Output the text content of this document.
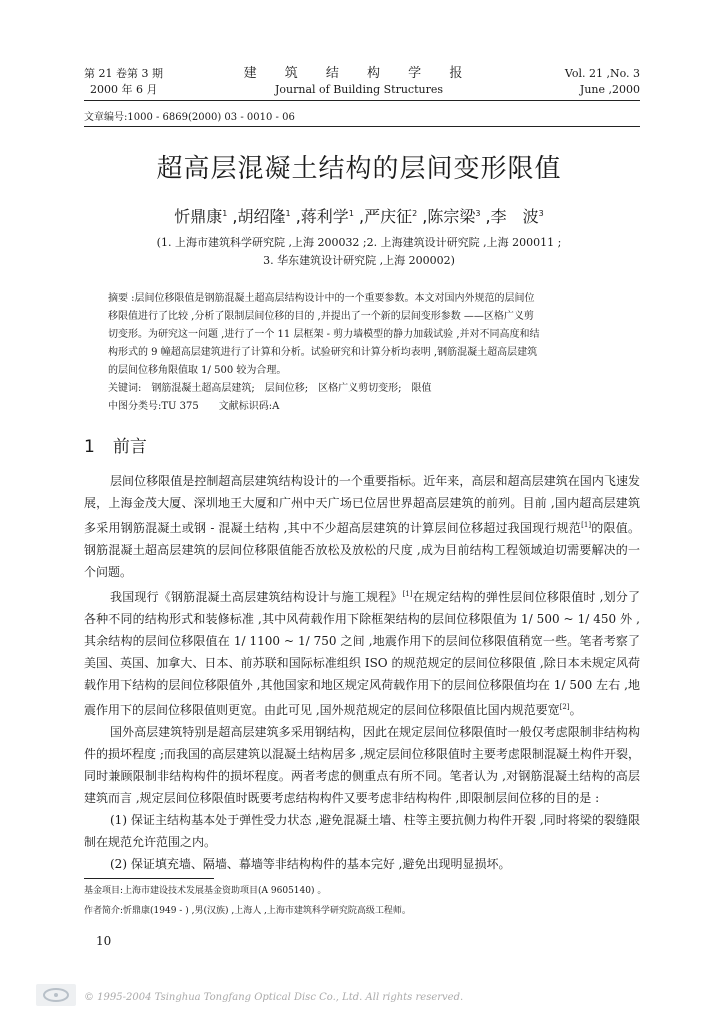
第 21 卷第 3 期
2000 年 6 月
建 筑 结 构 学 报
Journal of Building Structures
Vol. 21 ,No. 3
June ,2000
文章编号:1000 - 6869(2000) 03 - 0010 - 06
超高层混凝土结构的层间变形限值
忻鼎康$^1$ ,胡绍隆$^1$ ,蒋利学$^1$ ,严庆征$^2$ ,陈宗梁$^3$ ,李　波$^3$
(1. 上海市建筑科学研究院 ,上海 200032 ;2. 上海建筑设计研究院 ,上海 200011 ;
3. 华东建筑设计研究院 ,上海 200002)
摘要 :层间位移限值是钢筋混凝土超高层结构设计中的一个重要参数。本文对国内外规范的层间位
移限值进行了比较 ,分析了限制层间位移的目的 ,并提出了一个新的层间变形参数 ——区格广义剪
切变形。为研究这一问题 ,进行了一个 11 层框架 - 剪力墙模型的静力加载试验 ,并对不同高度和结
构形式的 9 幢超高层建筑进行了计算和分析。试验研究和计算分析均表明 ,钢筋混凝土超高层建筑
的层间位移角限值取 1/ 500 较为合理。
关键词:　钢筋混凝土超高层建筑;　层间位移;　区格广义剪切变形;　限值
中图分类号:TU 375　　文献标识码:A
1 前言

层间位移限值是控制超高层建筑结构设计的一个重要指标。近年来，高层和超高层建筑在国内飞速发展，上海金茂大厦、深圳地王大厦和广州中天广场已位居世界超高层建筑的前列。目前 ,国内超高层建筑多采用钢筋混凝土或钢 - 混凝土结构 ,其中不少超高层建筑的计算层间位移超过我国现行规范[1]的限值。钢筋混凝土超高层建筑的层间位移限值能否放松及放松的尺度 ,成为目前结构工程领域迫切需要解决的一个问题。

我国现行《钢筋混凝土高层建筑结构设计与施工规程》[1]在规定结构的弹性层间位移限值时 ,划分了各种不同的结构形式和装修标准 ,其中风荷载作用下除框架结构的层间位移限值为 1/ 500 ~ 1/ 450 外 ,其余结构的层间位移限值在 1/ 1100 ~ 1/ 750 之间 ,地震作用下的层间位移限值稍宽一些。笔者考察了美国、英国、加拿大、日本、前苏联和国际标准组织 ISO 的规范规定的层间位移限值 ,除日本未规定风荷载作用下结构的层间位移限值外 ,其他国家和地区规定风荷载作用下的层间位移限值均在 1/ 500 左右 ,地震作用下的层间位移限值则更宽。由此可见 ,国外规范规定的层间位移限值比国内规范要宽[2]。

国外高层建筑特别是超高层建筑多采用钢结构，因此在规定层间位移限值时一般仅考虑限制非结构构件的损坏程度 ;而我国的高层建筑以混凝土结构居多 ,规定层间位移限值时主要考虑限制混凝土构件开裂，同时兼顾限制非结构构件的损坏程度。两者考虑的侧重点有所不同。笔者认为 ,对钢筋混凝土结构的高层建筑而言 ,规定层间位移限值时既要考虑结构构件又要考虑非结构构件 ,即限制层间位移的目的是 :

(1) 保证主结构基本处于弹性受力状态 ,避免混凝土墙、柱等主要抗侧力构件开裂 ,同时将梁的裂缝限制在规范允许范围之内。

(2) 保证填充墙、隔墙、幕墙等非结构构件的基本完好 ,避免出现明显损坏。

基金项目:上海市建设技术发展基金资助项目(A 9605140) 。
作者简介:忻鼎康(1949 - ) ,男(汉族) ,上海人 ,上海市建筑科学研究院高级工程师。
10
© 1995-2004 Tsinghua Tongfang Optical Disc Co., Ltd. All rights reserved.
